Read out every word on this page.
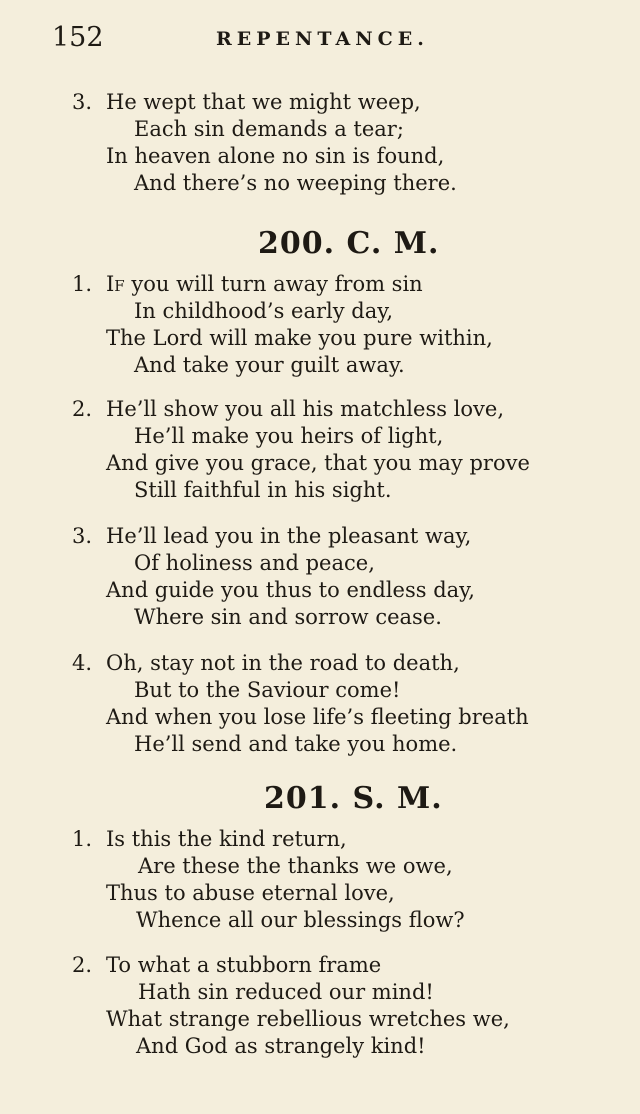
152	REPENTANCE.
3. He wept that we might weep,
Each sin demands a tear;
In heaven alone no sin is found,
And there’s no weeping there.
200. C. M.
1. If you will turn away from sin
In childhood’s early day,
The Lord will make you pure within,
And take your guilt away.
2. He’ll show you all his matchless love,
He’ll make you heirs of light,
And give you grace, that you may prove
Still faithful in his sight.
3. He’ll lead you in the pleasant way,
Of holiness and peace,
And guide you thus to endless day,
Where sin and sorrow cease.
4. Oh, stay not in the road to death,
But to the Saviour come!
And when you lose life’s fleeting breath
He’ll send and take you home.
201. S. M.
1. Is this the kind return,
Are these the thanks we owe,
Thus to abuse eternal love,
Whence all our blessings flow?
2. To what a stubborn frame
Hath sin reduced our mind!
What strange rebellious wretches we,
And God as strangely kind!
